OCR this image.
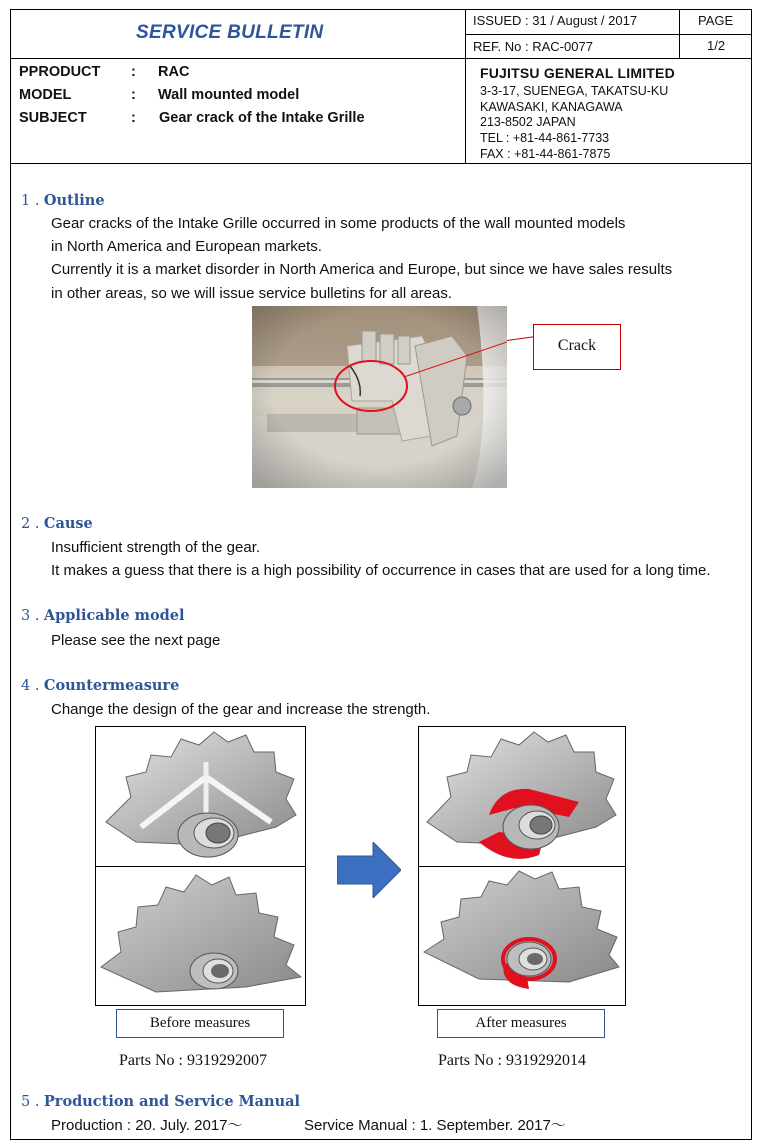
SERVICE BULLETIN
ISSUED : 31 / August / 2017
REF. No : RAC-0077
PAGE
1/2
PPRODUCT : RAC
MODEL	: Wall mounted model
SUBJECT	: Gear crack of the Intake Grille
FUJITSU GENERAL LIMITED
3-3-17, SUENEGA, TAKATSU-KU
KAWASAKI, KANAGAWA
213-8502 JAPAN
TEL : +81-44-861-7733
FAX : +81-44-861-7875
1 . Outline
Gear cracks of the Intake Grille occurred in some products of the wall mounted models
in North America and European markets.
Currently it is a market disorder in North America and Europe, but since we have sales results
in other areas, so we will issue service bulletins for all areas.
Crack
2 . Cause
Insufficient strength of the gear.
It makes a guess that there is a high possibility of occurrence in cases that are used for a long time.
3 . Applicable model
Please see the next page
4 . Countermeasure
Change the design of the gear and increase the strength.
Before measures	After measures
Parts No : 9319292007	Parts No : 9319292014
5 . Production and Service Manual
Production : 20. July. 2017〜	Service Manual : 1. September. 2017〜
